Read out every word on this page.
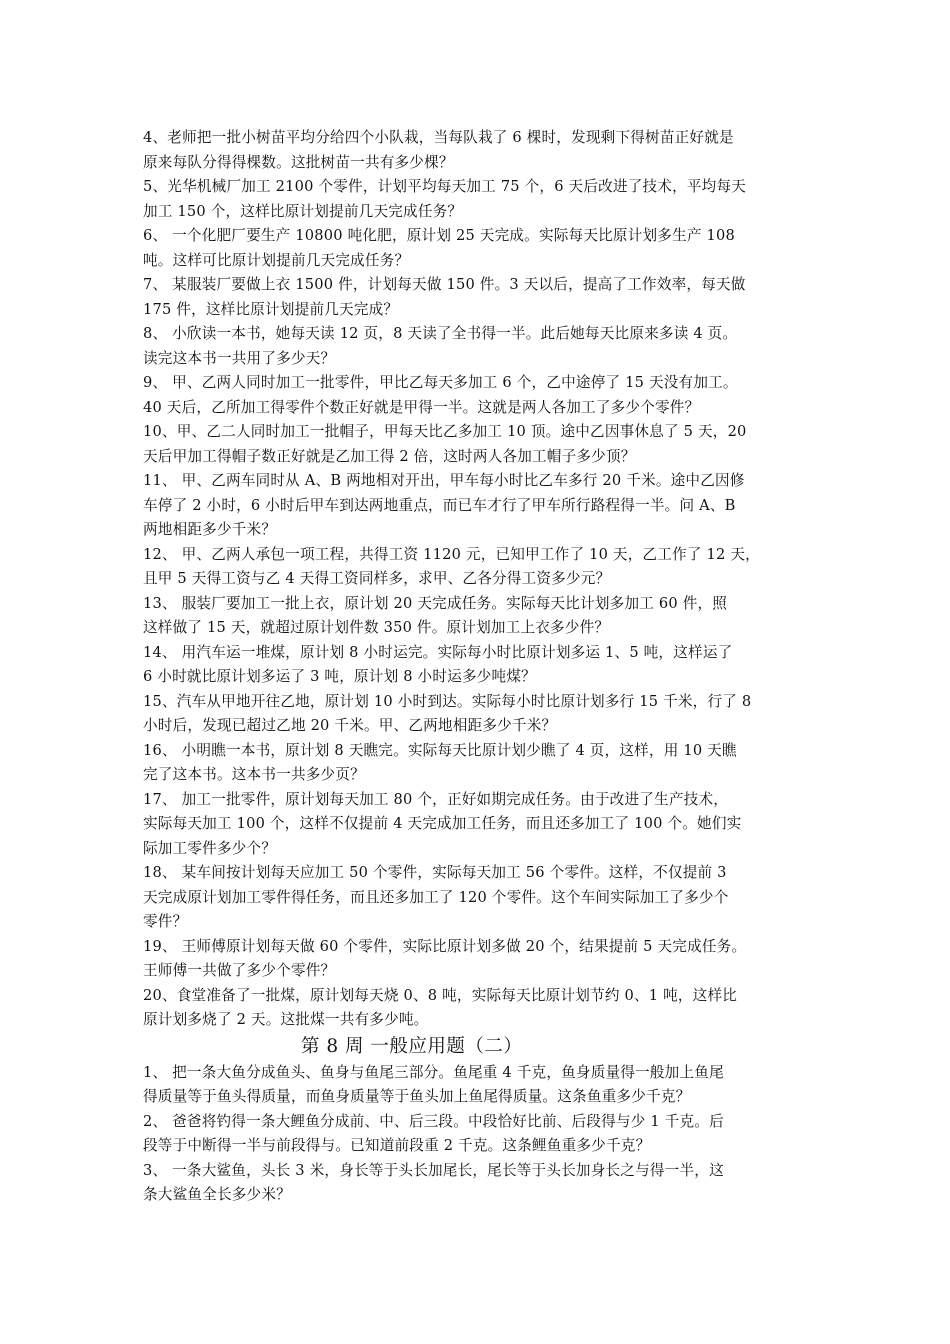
4、老师把一批小树苗平均分给四个小队栽，当每队栽了 6 棵时，发现剩下得树苗正好就是
原来每队分得得棵数。这批树苗一共有多少棵？
5、光华机械厂加工 2100 个零件，计划平均每天加工 75 个，6 天后改进了技术，平均每天
加工 150 个，这样比原计划提前几天完成任务？
6、 一个化肥厂要生产 10800 吨化肥，原计划 25 天完成。实际每天比原计划多生产 108
吨。这样可比原计划提前几天完成任务？
7、 某服装厂要做上衣 1500 件，计划每天做 150 件。3 天以后，提高了工作效率，每天做
175 件，这样比原计划提前几天完成？
8、 小欣读一本书，她每天读 12 页，8 天读了全书得一半。此后她每天比原来多读 4 页。
读完这本书一共用了多少天？
9、 甲、乙两人同时加工一批零件，甲比乙每天多加工 6 个，乙中途停了 15 天没有加工。
40 天后，乙所加工得零件个数正好就是甲得一半。这就是两人各加工了多少个零件？
10、甲、乙二人同时加工一批帽子，甲每天比乙多加工 10 顶。途中乙因事休息了 5 天，20
天后甲加工得帽子数正好就是乙加工得 2 倍，这时两人各加工帽子多少顶？
11、 甲、乙两车同时从 A、B 两地相对开出，甲车每小时比乙车多行 20 千米。途中乙因修
车停了 2 小时，6 小时后甲车到达两地重点，而已车才行了甲车所行路程得一半。问 A、B
两地相距多少千米？
12、 甲、乙两人承包一项工程，共得工资 1120 元，已知甲工作了 10 天，乙工作了 12 天，
且甲 5 天得工资与乙 4 天得工资同样多，求甲、乙各分得工资多少元？
13、 服装厂要加工一批上衣，原计划 20 天完成任务。实际每天比计划多加工 60 件，照
这样做了 15 天，就超过原计划件数 350 件。原计划加工上衣多少件？
14、 用汽车运一堆煤，原计划 8 小时运完。实际每小时比原计划多运 1、5 吨，这样运了
6 小时就比原计划多运了 3 吨，原计划 8 小时运多少吨煤？
15、汽车从甲地开往乙地，原计划 10 小时到达。实际每小时比原计划多行 15 千米，行了 8
小时后，发现已超过乙地 20 千米。甲、乙两地相距多少千米？
16、 小明瞧一本书，原计划 8 天瞧完。实际每天比原计划少瞧了 4 页，这样，用 10 天瞧
完了这本书。这本书一共多少页？
17、 加工一批零件，原计划每天加工 80 个，正好如期完成任务。由于改进了生产技术，
实际每天加工 100 个，这样不仅提前 4 天完成加工任务，而且还多加工了 100 个。她们实
际加工零件多少个？
18、 某车间按计划每天应加工 50 个零件，实际每天加工 56 个零件。这样，不仅提前 3
天完成原计划加工零件得任务，而且还多加工了 120 个零件。这个车间实际加工了多少个
零件？
19、 王师傅原计划每天做 60 个零件，实际比原计划多做 20 个，结果提前 5 天完成任务。
王师傅一共做了多少个零件？
20、食堂准备了一批煤，原计划每天烧 0、8 吨，实际每天比原计划节约 0、1 吨，这样比
原计划多烧了 2 天。这批煤一共有多少吨。
第 8 周 一般应用题（二）
1、 把一条大鱼分成鱼头、鱼身与鱼尾三部分。鱼尾重 4 千克，鱼身质量得一般加上鱼尾
得质量等于鱼头得质量，而鱼身质量等于鱼头加上鱼尾得质量。这条鱼重多少千克？
2、 爸爸将钓得一条大鲤鱼分成前、中、后三段。中段恰好比前、后段得与少 1 千克。后
段等于中断得一半与前段得与。已知道前段重 2 千克。这条鲤鱼重多少千克？
3、 一条大鲨鱼，头长 3 米，身长等于头长加尾长，尾长等于头长加身长之与得一半，这
条大鲨鱼全长多少米？
